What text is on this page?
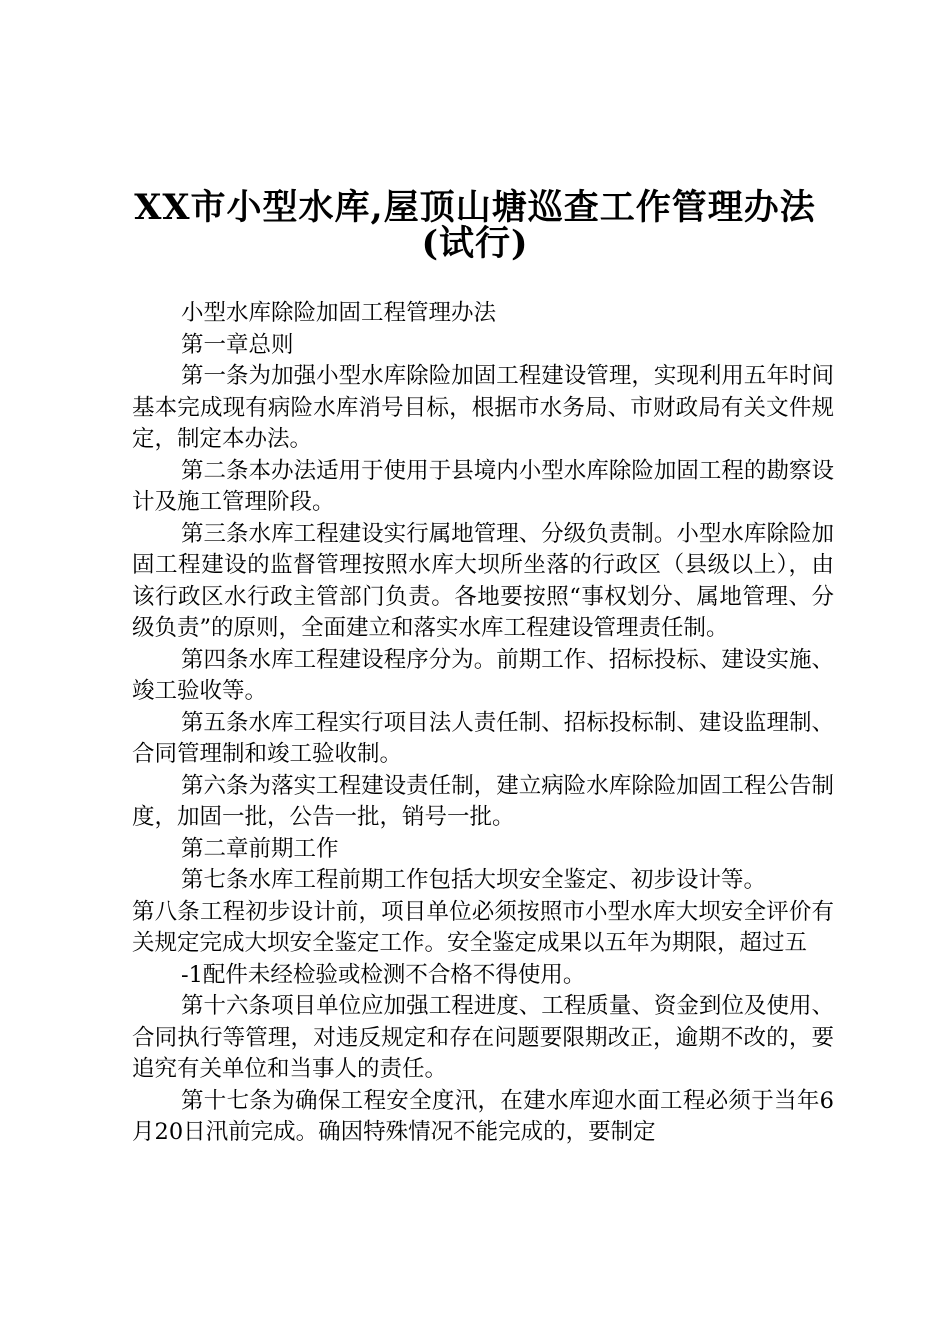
XX市小型水库,屋顶山塘巡查工作管理办法
(试行)

小型水库除险加固工程管理办法

第一章总则

第一条为加强小型水库除险加固工程建设管理，实现利用五年时间基本完成现有病险水库消号目标，根据市水务局、市财政局有关文件规定，制定本办法。

第二条本办法适用于使用于县境内小型水库除险加固工程的勘察设计及施工管理阶段。

第三条水库工程建设实行属地管理、分级负责制。小型水库除险加固工程建设的监督管理按照水库大坝所坐落的行政区（县级以上），由该行政区水行政主管部门负责。各地要按照“事权划分、属地管理、分级负责”的原则，全面建立和落实水库工程建设管理责任制。

第四条水库工程建设程序分为。前期工作、招标投标、建设实施、竣工验收等。

第五条水库工程实行项目法人责任制、招标投标制、建设监理制、合同管理制和竣工验收制。

第六条为落实工程建设责任制，建立病险水库除险加固工程公告制度，加固一批，公告一批，销号一批。

第二章前期工作

第七条水库工程前期工作包括大坝安全鉴定、初步设计等。

第八条工程初步设计前，项目单位必须按照市小型水库大坝安全评价有关规定完成大坝安全鉴定工作。安全鉴定成果以五年为期限，超过五

-1配件未经检验或检测不合格不得使用。

第十六条项目单位应加强工程进度、工程质量、资金到位及使用、合同执行等管理，对违反规定和存在问题要限期改正，逾期不改的，要追究有关单位和当事人的责任。

第十七条为确保工程安全度汛，在建水库迎水面工程必须于当年6月20日汛前完成。确因特殊情况不能完成的，要制定
